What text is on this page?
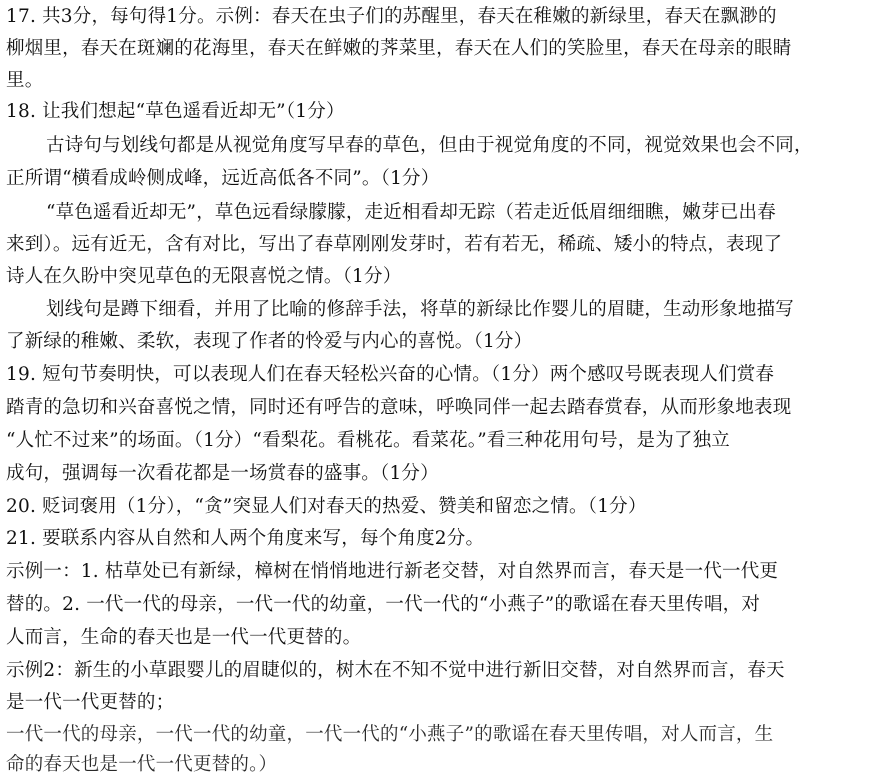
17. 共3分，每句得1分。示例：春天在虫子们的苏醒里，春天在稚嫩的新绿里，春天在飘渺的
柳烟里，春天在斑斓的花海里，春天在鲜嫩的荠菜里，春天在人们的笑脸里，春天在母亲的眼睛
里。
18. 让我们想起“草色遥看近却无”（1分）
古诗句与划线句都是从视觉角度写早春的草色，但由于视觉角度的不同，视觉效果也会不同，
正所谓“横看成岭侧成峰，远近高低各不同”。（1分）
“草色遥看近却无”，草色远看绿朦朦，走近相看却无踪（若走近低眉细细瞧，嫩芽已出春
来到）。远有近无，含有对比，写出了春草刚刚发芽时，若有若无，稀疏、矮小的特点，表现了
诗人在久盼中突见草色的无限喜悦之情。（1分）
划线句是蹲下细看，并用了比喻的修辞手法，将草的新绿比作婴儿的眉睫，生动形象地描写
了新绿的稚嫩、柔软，表现了作者的怜爱与内心的喜悦。（1分）
19. 短句节奏明快，可以表现人们在春天轻松兴奋的心情。（1分）两个感叹号既表现人们赏春
踏青的急切和兴奋喜悦之情，同时还有呼告的意味，呼唤同伴一起去踏春赏春，从而形象地表现
“人忙不过来”的场面。（1分）“看梨花。看桃花。看菜花。”看三种花用句号，是为了独立
成句，强调每一次看花都是一场赏春的盛事。（1分）
20. 贬词褒用（1分），“贪”突显人们对春天的热爱、赞美和留恋之情。（1分）
21. 要联系内容从自然和人两个角度来写，每个角度2分。
示例一：1. 枯草处已有新绿，樟树在悄悄地进行新老交替，对自然界而言，春天是一代一代更
替的。2. 一代一代的母亲，一代一代的幼童，一代一代的“小燕子”的歌谣在春天里传唱，对
人而言，生命的春天也是一代一代更替的。
示例2：新生的小草跟婴儿的眉睫似的，树木在不知不觉中进行新旧交替，对自然界而言，春天
是一代一代更替的；
一代一代的母亲，一代一代的幼童，一代一代的“小燕子”的歌谣在春天里传唱，对人而言，生
命的春天也是一代一代更替的。）
